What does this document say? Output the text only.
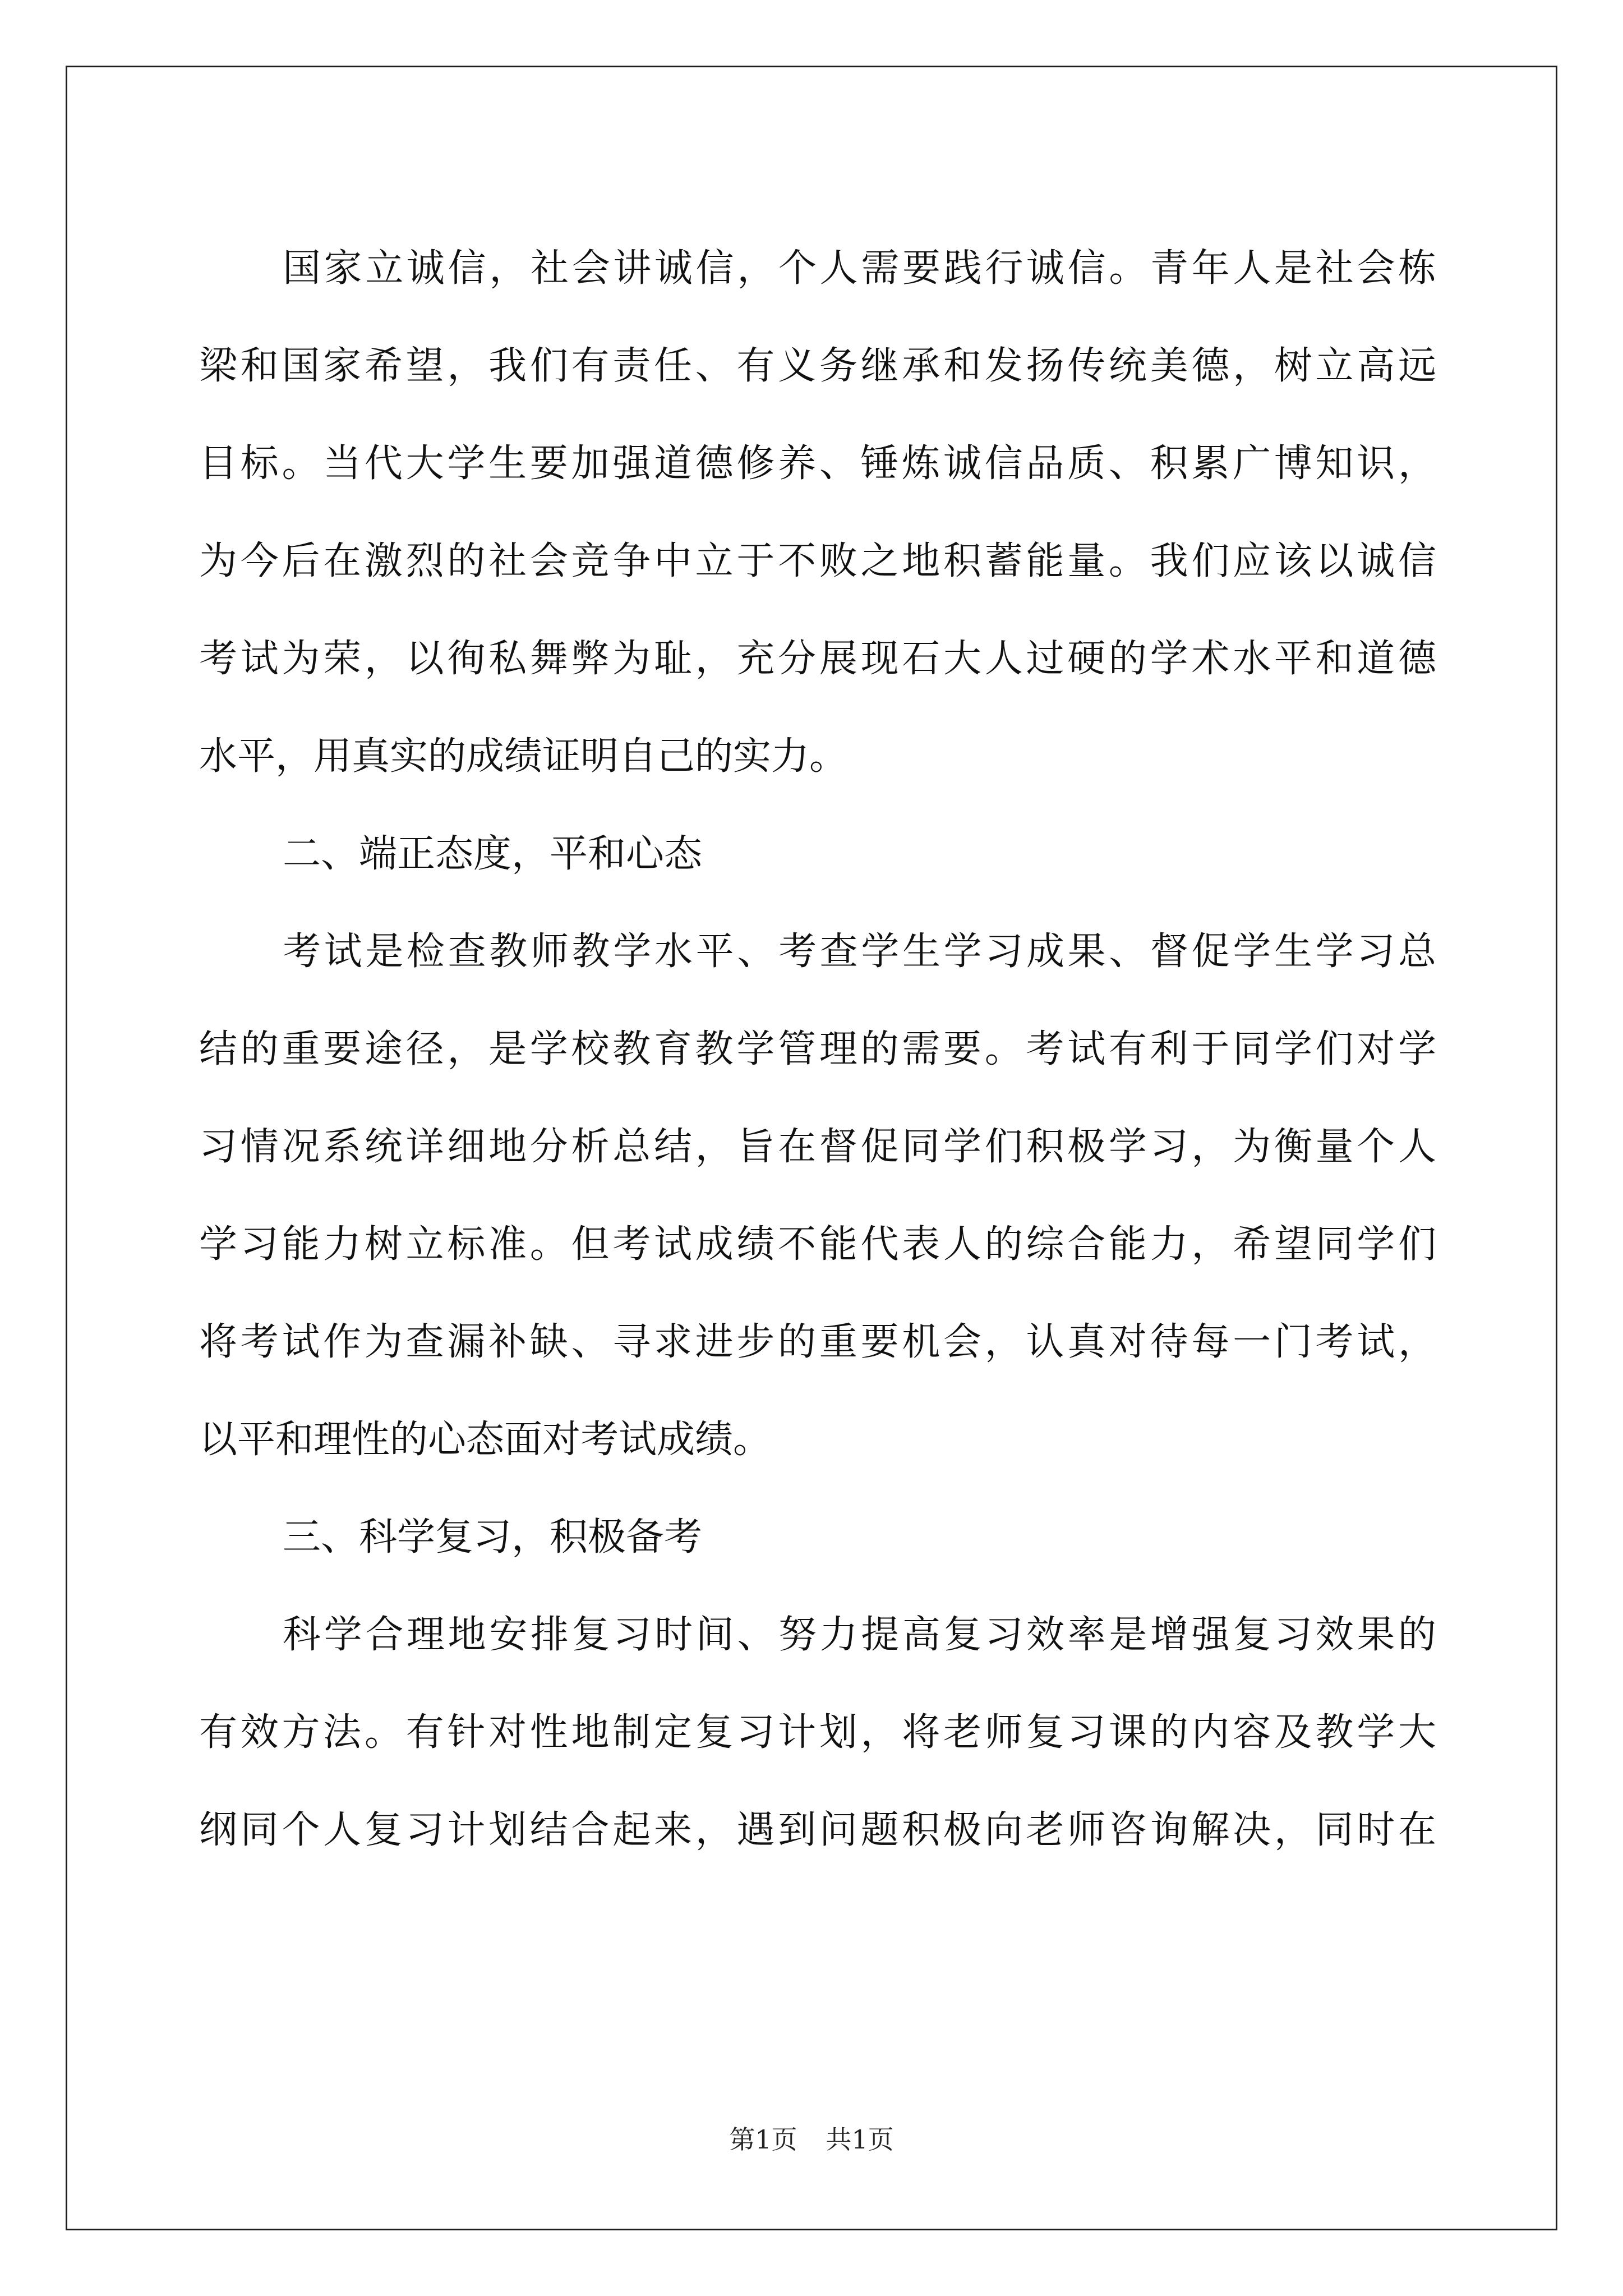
国家立诚信，社会讲诚信，个人需要践行诚信。青年人是社会栋
梁和国家希望，我们有责任、有义务继承和发扬传统美德，树立高远
目标。当代大学生要加强道德修养、锤炼诚信品质、积累广博知识，
为今后在激烈的社会竞争中立于不败之地积蓄能量。我们应该以诚信
考试为荣，以徇私舞弊为耻，充分展现石大人过硬的学术水平和道德
水平，用真实的成绩证明自己的实力。
二、端正态度，平和心态
考试是检查教师教学水平、考查学生学习成果、督促学生学习总
结的重要途径，是学校教育教学管理的需要。考试有利于同学们对学
习情况系统详细地分析总结，旨在督促同学们积极学习，为衡量个人
学习能力树立标准。但考试成绩不能代表人的综合能力，希望同学们
将考试作为查漏补缺、寻求进步的重要机会，认真对待每一门考试，
以平和理性的心态面对考试成绩。
三、科学复习，积极备考
科学合理地安排复习时间、努力提高复习效率是增强复习效果的
有效方法。有针对性地制定复习计划，将老师复习课的内容及教学大
纲同个人复习计划结合起来，遇到问题积极向老师咨询解决，同时在
第1页 共1页
